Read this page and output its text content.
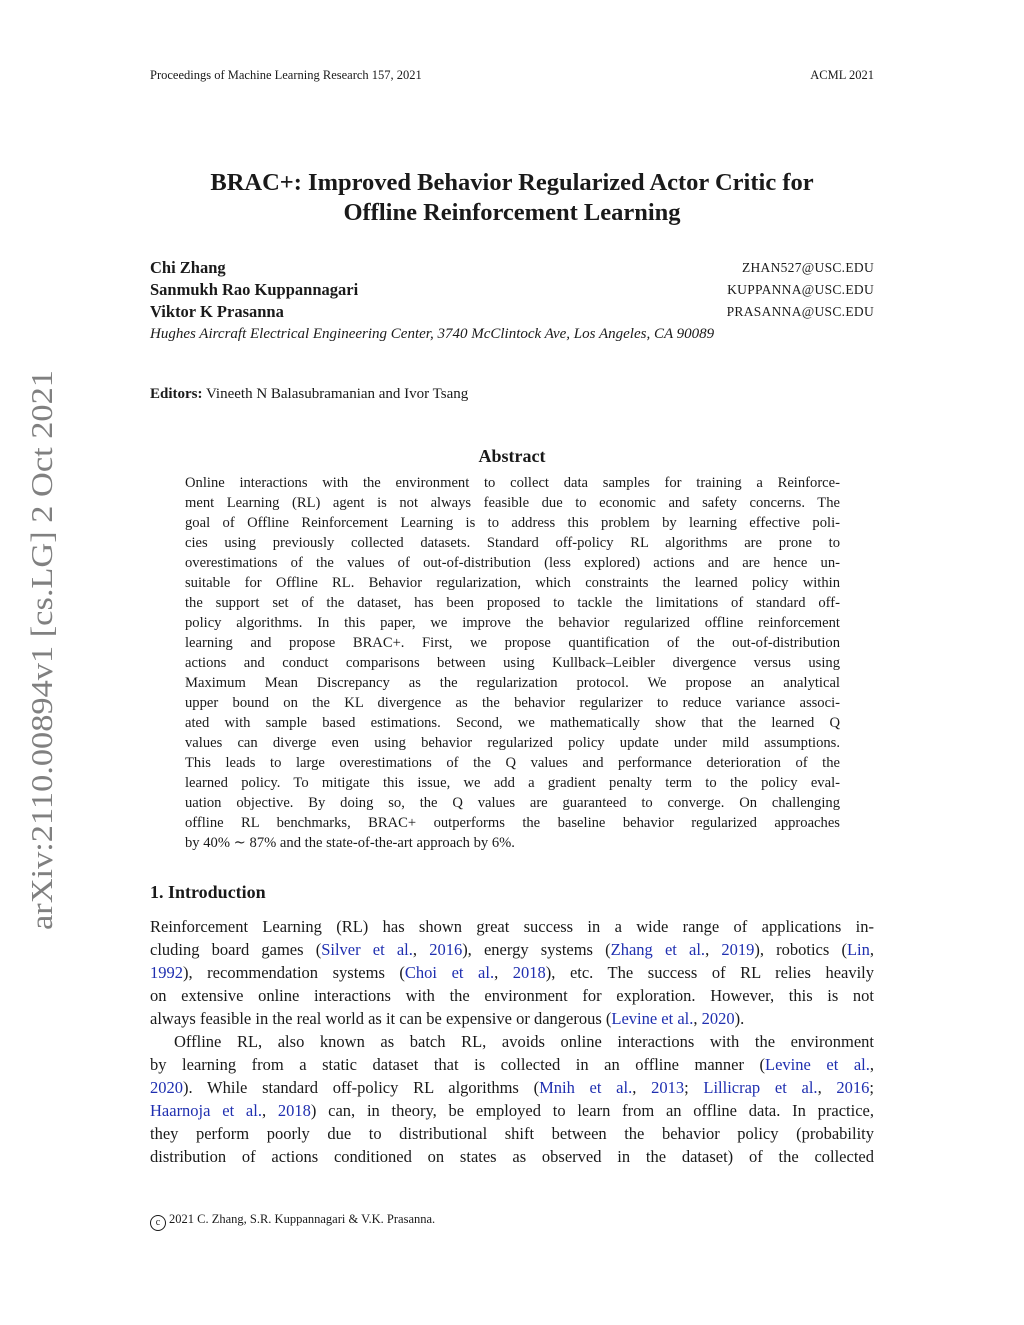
Proceedings of Machine Learning Research 157, 2021	ACML 2021
arXiv:2110.00894v1 [cs.LG] 2 Oct 2021
BRAC+: Improved Behavior Regularized Actor Critic for
Offline Reinforcement Learning
Chi Zhang	ZHAN527@USC.EDU
Sanmukh Rao Kuppannagari	KUPPANNA@USC.EDU
Viktor K Prasanna	PRASANNA@USC.EDU
Hughes Aircraft Electrical Engineering Center, 3740 McClintock Ave, Los Angeles, CA 90089
Editors: Vineeth N Balasubramanian and Ivor Tsang
Abstract
Online interactions with the environment to collect data samples for training a Reinforce-
ment Learning (RL) agent is not always feasible due to economic and safety concerns. The
goal of Offline Reinforcement Learning is to address this problem by learning effective poli-
cies using previously collected datasets. Standard off-policy RL algorithms are prone to
overestimations of the values of out-of-distribution (less explored) actions and are hence un-
suitable for Offline RL. Behavior regularization, which constraints the learned policy within
the support set of the dataset, has been proposed to tackle the limitations of standard off-
policy algorithms. In this paper, we improve the behavior regularized offline reinforcement
learning and propose BRAC+. First, we propose quantification of the out-of-distribution
actions and conduct comparisons between using Kullback–Leibler divergence versus using
Maximum Mean Discrepancy as the regularization protocol. We propose an analytical
upper bound on the KL divergence as the behavior regularizer to reduce variance associ-
ated with sample based estimations. Second, we mathematically show that the learned Q
values can diverge even using behavior regularized policy update under mild assumptions.
This leads to large overestimations of the Q values and performance deterioration of the
learned policy. To mitigate this issue, we add a gradient penalty term to the policy eval-
uation objective. By doing so, the Q values are guaranteed to converge. On challenging
offline RL benchmarks, BRAC+ outperforms the baseline behavior regularized approaches
by 40% ∼ 87% and the state-of-the-art approach by 6%.
1. Introduction
Reinforcement Learning (RL) has shown great success in a wide range of applications in-
cluding board games (Silver et al., 2016), energy systems (Zhang et al., 2019), robotics (Lin,
1992), recommendation systems (Choi et al., 2018), etc. The success of RL relies heavily
on extensive online interactions with the environment for exploration. However, this is not
always feasible in the real world as it can be expensive or dangerous (Levine et al., 2020).
Offline RL, also known as batch RL, avoids online interactions with the environment
by learning from a static dataset that is collected in an offline manner (Levine et al.,
2020). While standard off-policy RL algorithms (Mnih et al., 2013; Lillicrap et al., 2016;
Haarnoja et al., 2018) can, in theory, be employed to learn from an offline data. In practice,
they perform poorly due to distributional shift between the behavior policy (probability
distribution of actions conditioned on states as observed in the dataset) of the collected
c 2021 C. Zhang, S.R. Kuppannagari & V.K. Prasanna.
